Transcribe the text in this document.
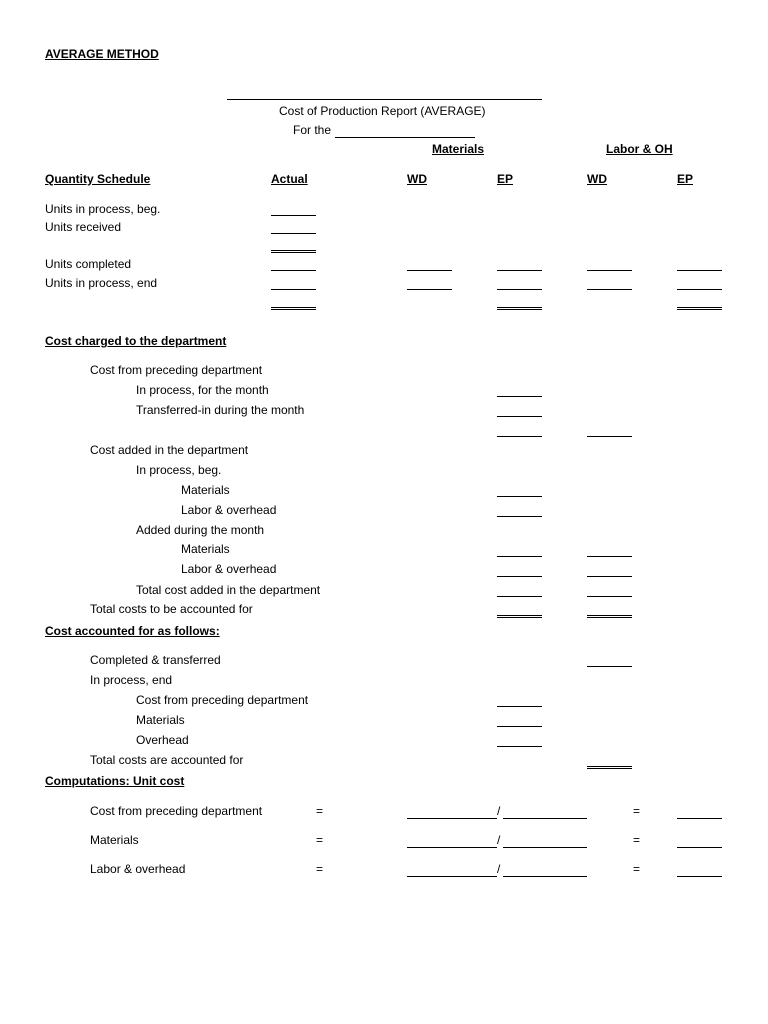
AVERAGE METHOD
Cost of Production Report (AVERAGE)
For the
Materials	Labor & OH
Quantity Schedule	Actual	WD	EP	WD	EP
Units in process, beg.
Units received
Units completed
Units in process, end
Cost charged to the department
Cost from preceding department
In process, for the month
Transferred-in during the month
Cost added in the department
In process, beg.
Materials
Labor & overhead
Added during the month
Materials
Labor & overhead
Total cost added in the department
Total costs to be accounted for
Cost accounted for as follows:
Completed & transferred
In process, end
Cost from preceding department
Materials
Overhead
Total costs are accounted for
Computations: Unit cost
Cost from preceding department	=	/	=
Materials	=	/	=
Labor & overhead	=	/	=
